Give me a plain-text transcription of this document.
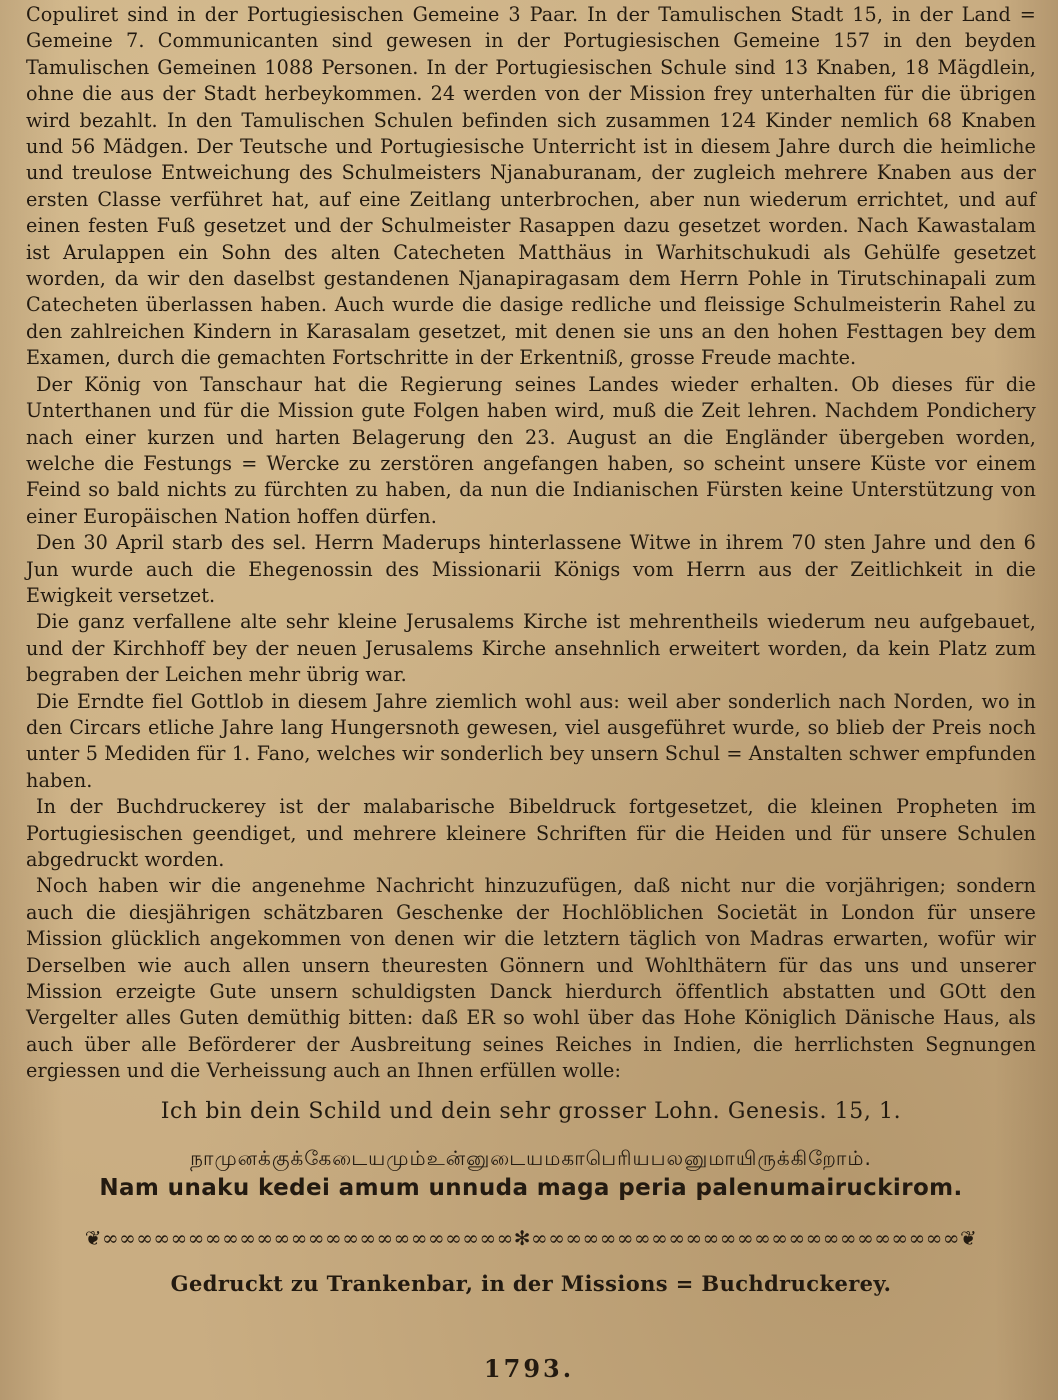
Copuliret sind in der Portugiesischen Gemeine 3 Paar. In der Tamulischen Stadt 15, in der Land = Gemeine 7. Communicanten sind gewesen in der Portugiesischen Gemeine 157 in den beyden Tamulischen Gemeinen 1088 Personen. In der Portugiesischen Schule sind 13 Knaben, 18 Mägdlein, ohne die aus der Stadt herbeykommen. 24 werden von der Mission frey unterhalten für die übrigen wird bezahlt. In den Tamulischen Schulen befinden sich zusammen 124 Kinder nemlich 68 Knaben und 56 Mädgen. Der Teutsche und Portugiesische Unterricht ist in diesem Jahre durch die heimliche und treulose Entweichung des Schulmeisters Njanaburanam, der zugleich mehrere Knaben aus der ersten Classe verführet hat, auf eine Zeitlang unterbrochen, aber nun wiederum errichtet, und auf einen festen Fuß gesetzet und der Schulmeister Rasappen dazu gesetzet worden. Nach Kawastalam ist Arulappen ein Sohn des alten Catecheten Matthäus in Warhitschukudi als Gehülfe gesetzet worden, da wir den daselbst gestandenen Njanapiragasam dem Herrn Pohle in Tirutschinapali zum Catecheten überlassen haben. Auch wurde die dasige redliche und fleissige Schulmeisterin Rahel zu den zahlreichen Kindern in Karasalam gesetzet, mit denen sie uns an den hohen Festtagen bey dem Examen, durch die gemachten Fortschritte in der Erkentniß, grosse Freude machte.

Der König von Tanschaur hat die Regierung seines Landes wieder erhalten. Ob dieses für die Unterthanen und für die Mission gute Folgen haben wird, muß die Zeit lehren. Nachdem Pondichery nach einer kurzen und harten Belagerung den 23. August an die Engländer übergeben worden, welche die Festungs = Wercke zu zerstören angefangen haben, so scheint unsere Küste vor einem Feind so bald nichts zu fürchten zu haben, da nun die Indianischen Fürsten keine Unterstützung von einer Europäischen Nation hoffen dürfen.

Den 30 April starb des sel. Herrn Maderups hinterlassene Witwe in ihrem 70 sten Jahre und den 6 Jun wurde auch die Ehegenossin des Missionarii Königs vom Herrn aus der Zeitlichkeit in die Ewigkeit versetzet.

Die ganz verfallene alte sehr kleine Jerusalems Kirche ist mehrentheils wiederum neu aufgebauet, und der Kirchhoff bey der neuen Jerusalems Kirche ansehnlich erweitert worden, da kein Platz zum begraben der Leichen mehr übrig war.

Die Erndte fiel Gottlob in diesem Jahre ziemlich wohl aus: weil aber sonderlich nach Norden, wo in den Circars etliche Jahre lang Hungersnoth gewesen, viel ausgeführet wurde, so blieb der Preis noch unter 5 Mediden für 1. Fano, welches wir sonderlich bey unsern Schul = Anstalten schwer empfunden haben.

In der Buchdruckerey ist der malabarische Bibeldruck fortgesetzet, die kleinen Propheten im Portugiesischen geendiget, und mehrere kleinere Schriften für die Heiden und für unsere Schulen abgedruckt worden.

Noch haben wir die angenehme Nachricht hinzuzufügen, daß nicht nur die vorjährigen; sondern auch die diesjährigen schätzbaren Geschenke der Hochlöblichen Societät in London für unsere Mission glücklich angekommen von denen wir die letztern täglich von Madras erwarten, wofür wir Derselben wie auch allen unsern theuresten Gönnern und Wohlthätern für das uns und unserer Mission erzeigte Gute unsern schuldigsten Danck hierdurch öffentlich abstatten und GOtt den Vergelter alles Guten demüthig bitten: daß ER so wohl über das Hohe Königlich Dänische Haus, als auch über alle Beförderer der Ausbreitung seines Reiches in Indien, die herrlichsten Segnungen ergiessen und die Verheissung auch an Ihnen erfüllen wolle:

Ich bin dein Schild und dein sehr grosser Lohn. Genesis. 15, 1.
நாமுனக்குக்கேடையமும்உன்னுடையமகாபெரியபலனுமாயிருக்கிறோம்.
Nam unaku kedei amum unnuda maga peria palenumairuckirom.
❦∞∞∞∞∞∞∞∞∞∞∞∞∞∞∞∞∞∞∞∞∞∞∞∞✻∞∞∞∞∞∞∞∞∞∞∞∞∞∞∞∞∞∞∞∞∞∞∞∞∞❦
Gedruckt zu Trankenbar, in der Missions = Buchdruckerey.
1793.
